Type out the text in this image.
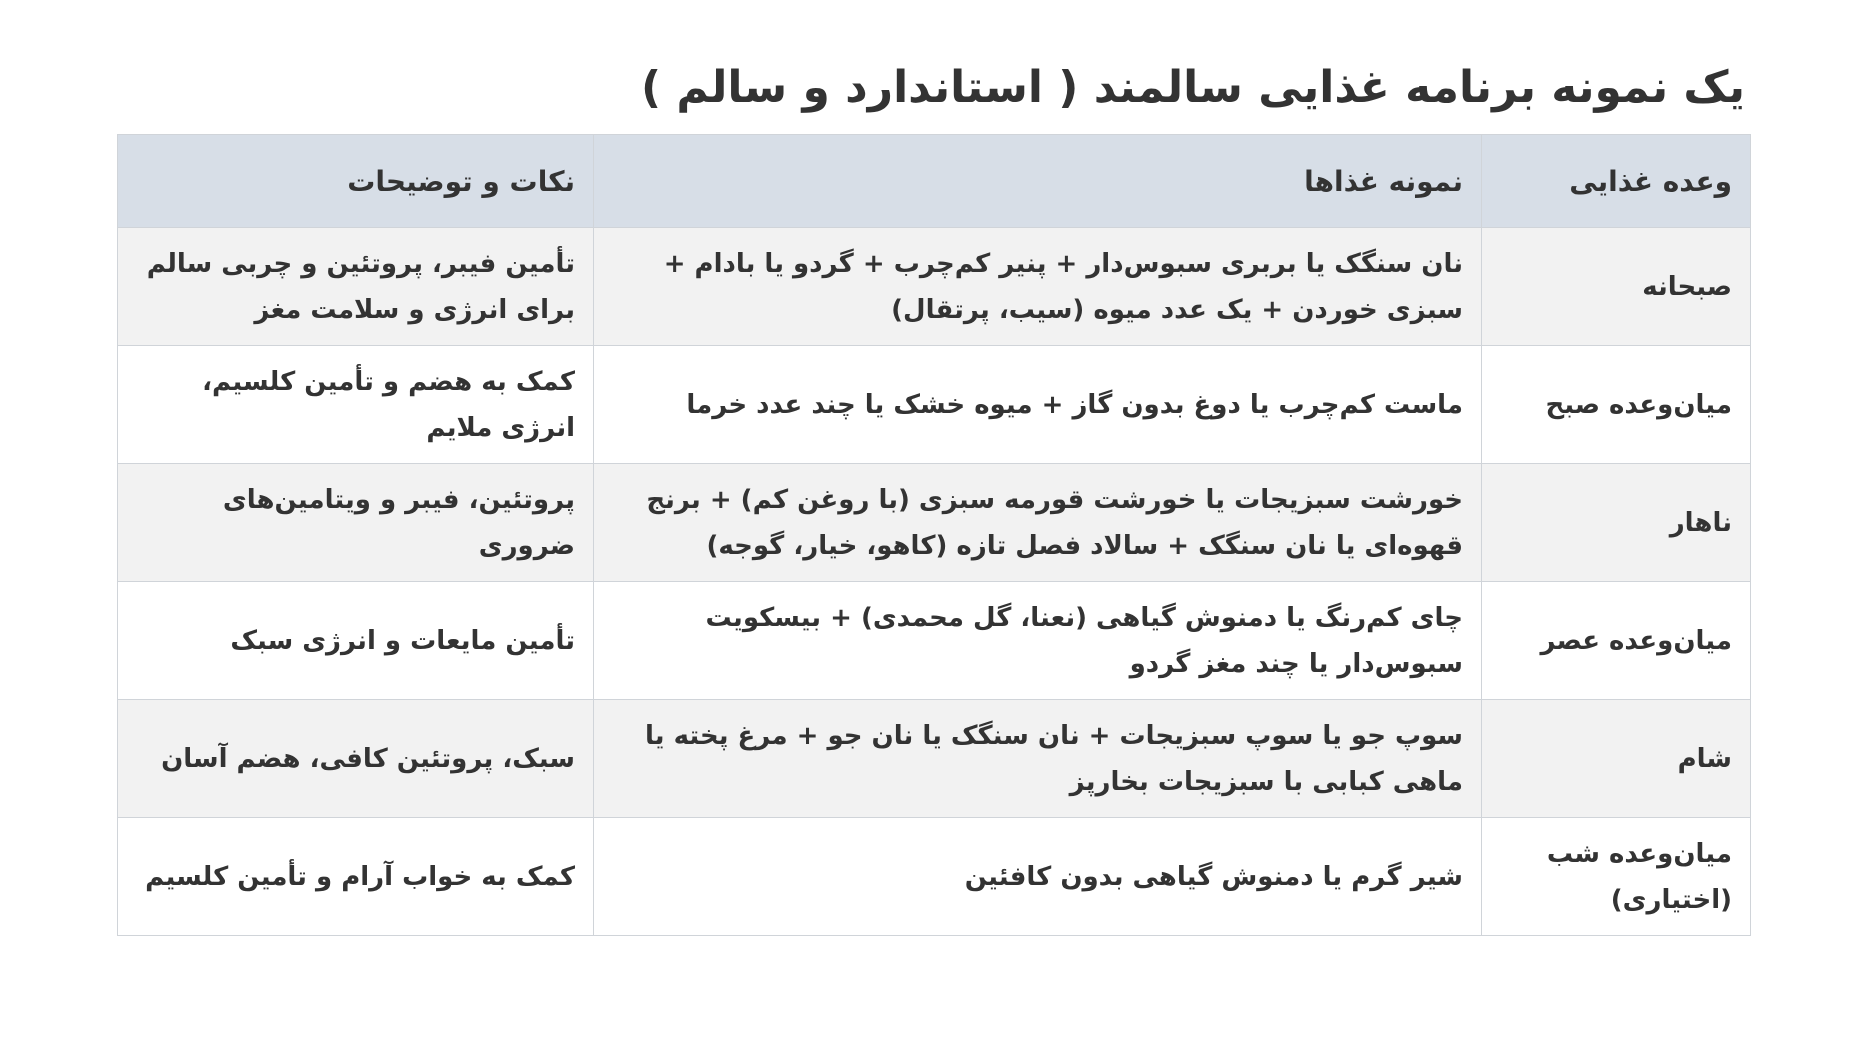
یک نمونه برنامه غذایی سالمند ( استاندارد و سالم )
وعده غذایی	نمونه غذاها	نکات و توضیحات
صبحانه	نان سنگک یا بربری سبوس‌دار + پنیر کم‌چرب + گردو یا بادام + سبزی خوردن + یک عدد میوه (سیب، پرتقال)	تأمین فیبر، پروتئین و چربی سالم برای انرژی و سلامت مغز
میان‌وعده صبح	ماست کم‌چرب یا دوغ بدون گاز + میوه خشک یا چند عدد خرما	کمک به هضم و تأمین کلسیم، انرژی ملایم
ناهار	خورشت سبزیجات یا خورشت قورمه سبزی (با روغن کم) + برنج قهوه‌ای یا نان سنگک + سالاد فصل تازه (کاهو، خیار، گوجه)	پروتئین، فیبر و ویتامین‌های ضروری
میان‌وعده عصر	چای کم‌رنگ یا دمنوش گیاهی (نعنا، گل محمدی) + بیسکویت سبوس‌دار یا چند مغز گردو	تأمین مایعات و انرژی سبک
شام	سوپ جو یا سوپ سبزیجات + نان سنگک یا نان جو + مرغ پخته یا ماهی کبابی با سبزیجات بخارپز	سبک، پروتئین کافی، هضم آسان
میان‌وعده شب (اختیاری)	شیر گرم یا دمنوش گیاهی بدون کافئین	کمک به خواب آرام و تأمین کلسیم
